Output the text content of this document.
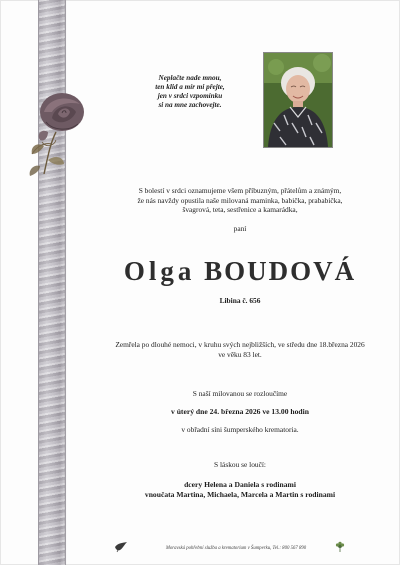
Neplačte nade mnou,
ten klid a mír mi přejte,
jen v srdci vzpomínku
si na mne zachovejte.
S bolestí v srdci oznamujeme všem příbuzným, přátelům a známým,
že nás navždy opustila naše milovaná maminka, babička, prababička,
švagrová, teta, sestřenice a kamarádka,
paní
Olga BOUDOVÁ
Libina č. 656
Zemřela po dlouhé nemoci, v kruhu svých nejbližších, ve středu dne 18.března 2026
ve věku 83 let.
S naší milovanou se rozloučíme
v úterý dne 24. března 2026 ve 13.00 hodin
v obřadní síni šumperského krematoria.
S láskou se loučí:
dcery Helena a Daniela s rodinami
vnoučata Martina, Michaela, Marcela a Martin s rodinami
Moravská pohřební služba a krematorium v Šumperku, Tel.: 800 567 890
